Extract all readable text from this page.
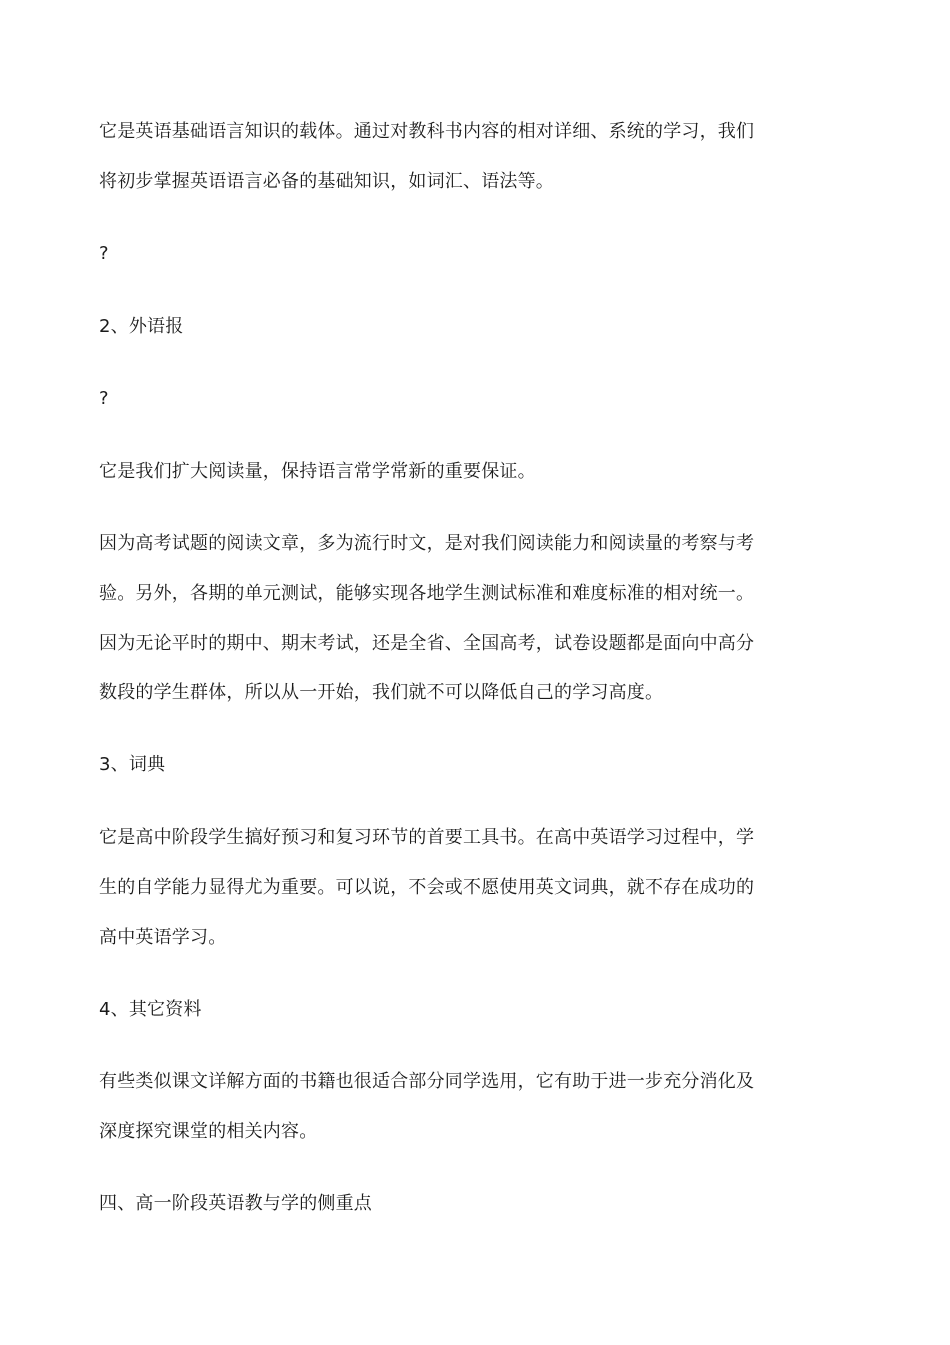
它是英语基础语言知识的载体。通过对教科书内容的相对详细、系统的学习，我们
将初步掌握英语语言必备的基础知识，如词汇、语法等。
?
2、外语报
?
它是我们扩大阅读量，保持语言常学常新的重要保证。
因为高考试题的阅读文章，多为流行时文，是对我们阅读能力和阅读量的考察与考
验。另外，各期的单元测试，能够实现各地学生测试标准和难度标准的相对统一。
因为无论平时的期中、期末考试，还是全省、全国高考，试卷设题都是面向中高分
数段的学生群体，所以从一开始，我们就不可以降低自己的学习高度。
3、词典
它是高中阶段学生搞好预习和复习环节的首要工具书。在高中英语学习过程中，学
生的自学能力显得尤为重要。可以说，不会或不愿使用英文词典，就不存在成功的
高中英语学习。
4、其它资料
有些类似课文详解方面的书籍也很适合部分同学选用，它有助于进一步充分消化及
深度探究课堂的相关内容。
四、高一阶段英语教与学的侧重点
